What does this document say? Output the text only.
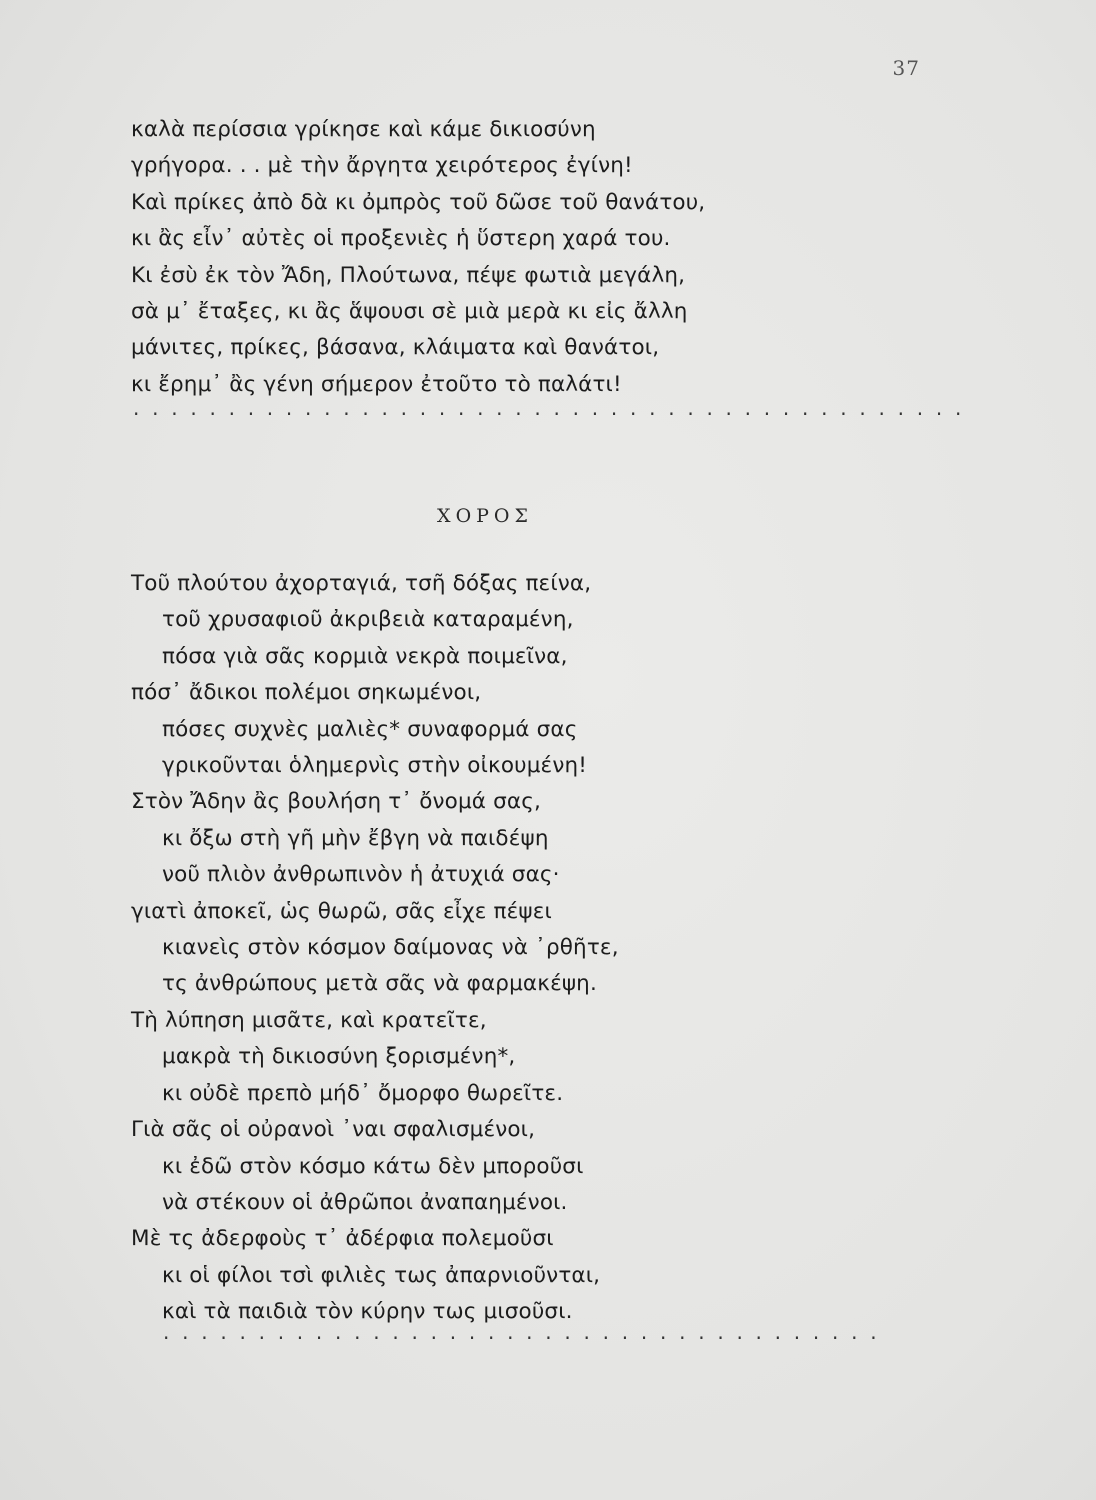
37
καλὰ περίσσια γρίκησε καὶ κάμε δικιοσύνη
γρήγορα. . . μὲ τὴν ἄργητα χειρότερος ἐγίνη!
Καὶ πρίκες ἀπὸ δὰ κι ὀμπρὸς τοῦ δῶσε τοῦ θανάτου,
κι ἂς εἶν᾽ αὐτὲς οἱ προξενιὲς ἡ ὕστερη χαρά του.
Κι ἐσὺ ἐκ τὸν Ἄδη, Πλούτωνα, πέψε φωτιὰ μεγάλη,
σὰ μ᾽ ἔταξες, κι ἂς ἅψουσι σὲ μιὰ μερὰ κι εἰς ἄλλη
μάνιτες, πρίκες, βάσανα, κλάιματα καὶ θανάτοι,
κι ἔρημ᾽ ἂς γένη σήμερον ἐτοῦτο τὸ παλάτι!
. . . . . . . . . . . . . . . . . . . . . . . . . . . . . . . . . . . . . . . . . . . .
ΧΟΡΟΣ
Τοῦ πλούτου ἀχορταγιά, τσῆ δόξας πείνα,
τοῦ χρυσαφιοῦ ἀκριβειὰ καταραμένη,
πόσα γιὰ σᾶς κορμιὰ νεκρὰ ποιμεῖνα,
πόσ᾽ ἄδικοι πολέμοι σηκωμένοι,
πόσες συχνὲς μαλιὲς* συναφορμά σας
γρικοῦνται ὁλημερνὶς στὴν οἰκουμένη!
Στὸν Ἄδην ἂς βουλήση τ᾽ ὄνομά σας,
κι ὄξω στὴ γῆ μὴν ἔβγη νὰ παιδέψη
νοῦ πλιὸν ἀνθρωπινὸν ἡ ἀτυχιά σας·
γιατὶ ἀποκεῖ, ὡς θωρῶ, σᾶς εἶχε πέψει
κιανεὶς στὸν κόσμον δαίμονας νὰ ᾿ρθῆτε,
τς ἀνθρώπους μετὰ σᾶς νὰ φαρμακέψη.
Τὴ λύπηση μισᾶτε, καὶ κρατεῖτε,
μακρὰ τὴ δικιοσύνη ξορισμένη*,
κι οὐδὲ πρεπὸ μήδ᾽ ὄμορφο θωρεῖτε.
Γιὰ σᾶς οἱ οὐρανοὶ ᾿ναι σφαλισμένοι,
κι ἐδῶ στὸν κόσμο κάτω δὲν μποροῦσι
νὰ στέκουν οἱ ἀθρῶποι ἀναπαημένοι.
Μὲ τς ἀδερφοὺς τ᾽ ἀδέρφια πολεμοῦσι
κι οἱ φίλοι τσὶ φιλιὲς τως ἀπαρνιοῦνται,
καὶ τὰ παιδιὰ τὸν κύρην τως μισοῦσι.
. . . . . . . . . . . . . . . . . . . . . . . . . . . . . . . . . . . . . .
